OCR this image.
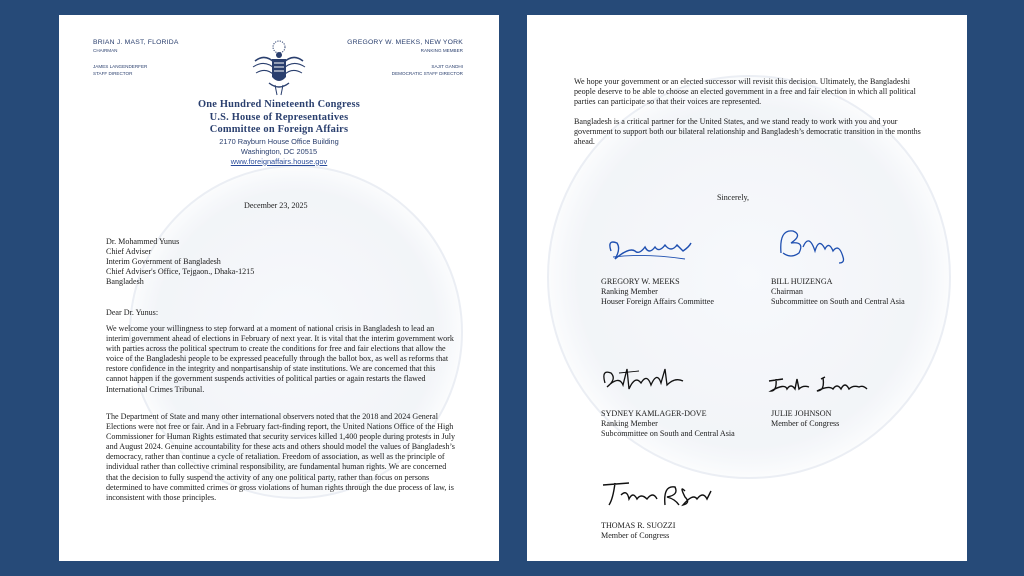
BRIAN J. MAST, FLORIDA
CHAIRMAN
JAMES LANGENDERFER
STAFF DIRECTOR
GREGORY W. MEEKS, NEW YORK
RANKING MEMBER
SAJIT GANDHI
DEMOCRATIC STAFF DIRECTOR
One Hundred Nineteenth Congress
U.S. House of Representatives
Committee on Foreign Affairs
2170 Rayburn House Office Building
Washington, DC 20515
www.foreignaffairs.house.gov
December 23, 2025
Dr. Mohammed Yunus
Chief Adviser
Interim Government of Bangladesh
Chief Adviser's Office, Tejgaon., Dhaka-1215
Bangladesh
Dear Dr. Yunus:
We welcome your willingness to step forward at a moment of national crisis in Bangladesh to lead an interim government ahead of elections in February of next year. It is vital that the interim government work with parties across the political spectrum to create the conditions for free and fair elections that allow the voice of the Bangladeshi people to be expressed peacefully through the ballot box, as well as reforms that restore confidence in the integrity and nonpartisanship of state institutions. We are concerned that this cannot happen if the government suspends activities of political parties or again restarts the flawed International Crimes Tribunal.
The Department of State and many other international observers noted that the 2018 and 2024 General Elections were not free or fair. And in a February fact-finding report, the United Nations Office of the High Commissioner for Human Rights estimated that security services killed 1,400 people during protests in July and August 2024. Genuine accountability for these acts and others should model the values of Bangladesh’s democracy, rather than continue a cycle of retaliation. Freedom of association, as well as the principle of individual rather than collective criminal responsibility, are fundamental human rights. We are concerned that the decision to fully suspend the activity of any one political party, rather than focus on persons determined to have committed crimes or gross violations of human rights through the due process of law, is inconsistent with those principles.
We hope your government or an elected successor will revisit this decision. Ultimately, the Bangladeshi people deserve to be able to choose an elected government in a free and fair election in which all political parties can participate so that their voices are represented.
Bangladesh is a critical partner for the United States, and we stand ready to work with you and your government to support both our bilateral relationship and Bangladesh’s democratic transition in the months ahead.
Sincerely,
GREGORY W. MEEKS
Ranking Member
Houser Foreign Affairs Committee
BILL HUIZENGA
Chairman
Subcommittee on South and Central Asia
SYDNEY KAMLAGER-DOVE
Ranking Member
Subcommittee on South and Central Asia
JULIE JOHNSON
Member of Congress
THOMAS R. SUOZZI
Member of Congress
